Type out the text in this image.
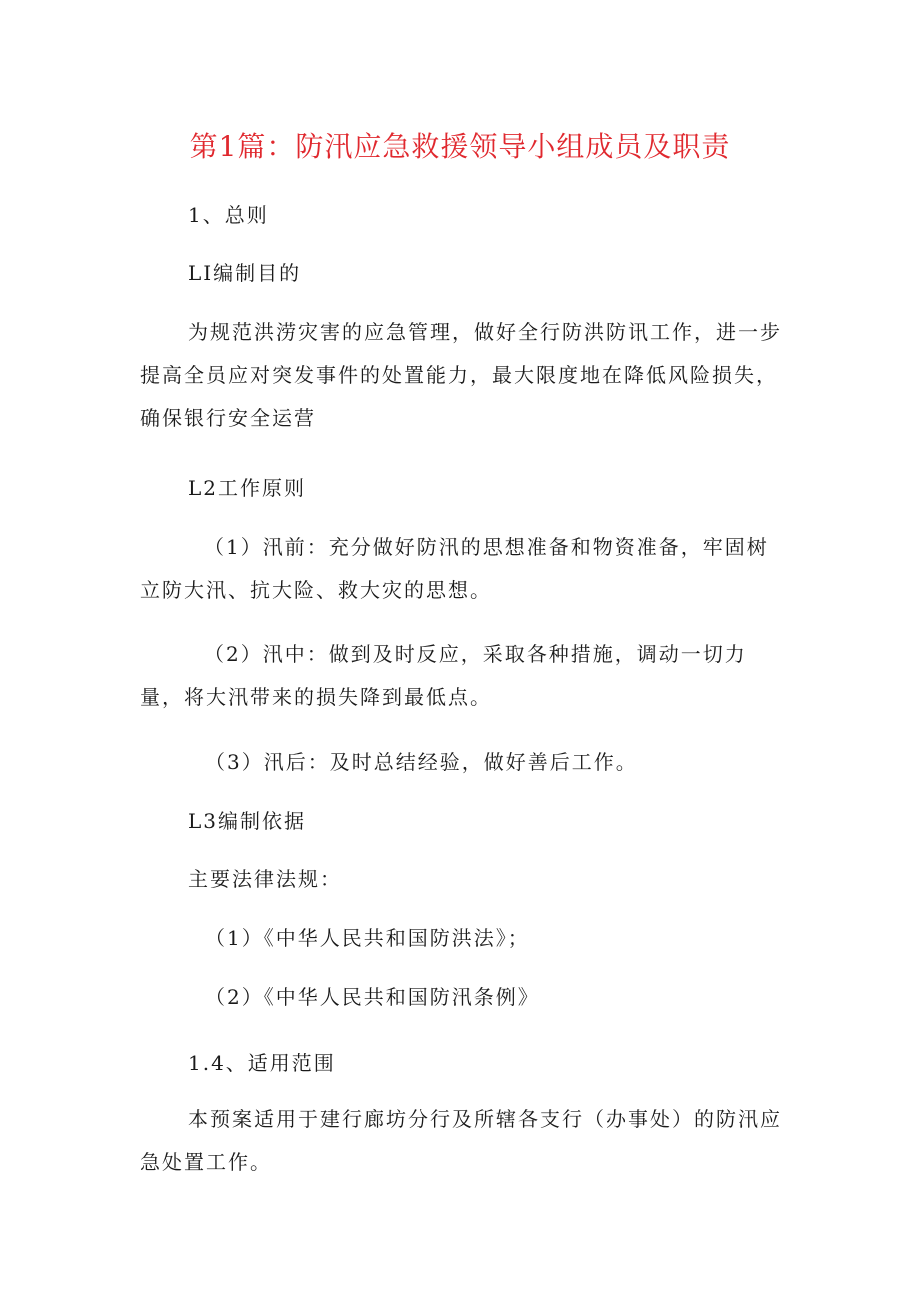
第1篇：防汛应急救援领导小组成员及职责

1、总则

LI编制目的

为规范洪涝灾害的应急管理，做好全行防洪防讯工作，进一步提高全员应对突发事件的处置能力，最大限度地在降低风险损失，确保银行安全运营

L2工作原则

（1）汛前：充分做好防汛的思想准备和物资准备，牢固树立防大汛、抗大险、救大灾的思想。

（2）汛中：做到及时反应，采取各种措施，调动一切力量，将大汛带来的损失降到最低点。

（3）汛后：及时总结经验，做好善后工作。

L3编制依据

主要法律法规：

（1）《中华人民共和国防洪法》；

（2）《中华人民共和国防汛条例》

1.4、适用范围

本预案适用于建行廊坊分行及所辖各支行（办事处）的防汛应急处置工作。
